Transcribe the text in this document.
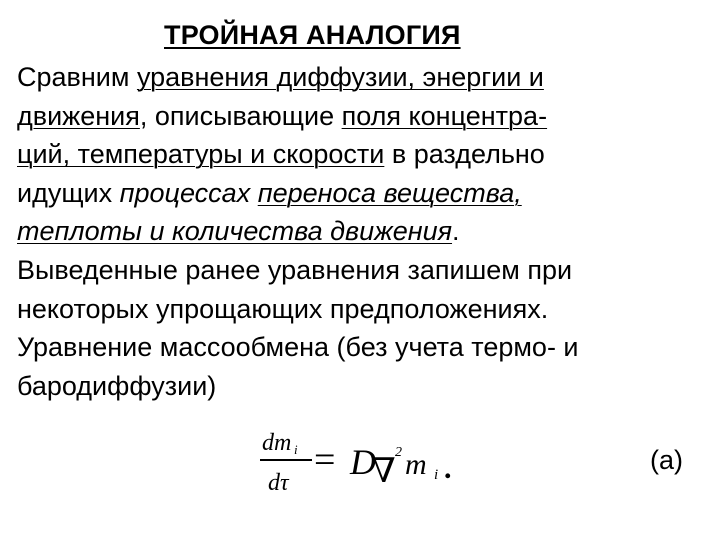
ТРОЙНАЯ АНАЛОГИЯ
Сравним уравнения диффузии, энергии и
движения, описывающие поля концентра-
ций, температуры и скорости в раздельно
идущих процессах переноса вещества,
теплоты и количества движения.
Выведенные ранее уравнения запишем при
некоторых упрощающих предположениях.
Уравнение массообмена (без учета термо- и
бародиффузии)
dm i
dτ
= D
∇
2 m i .	(а)
